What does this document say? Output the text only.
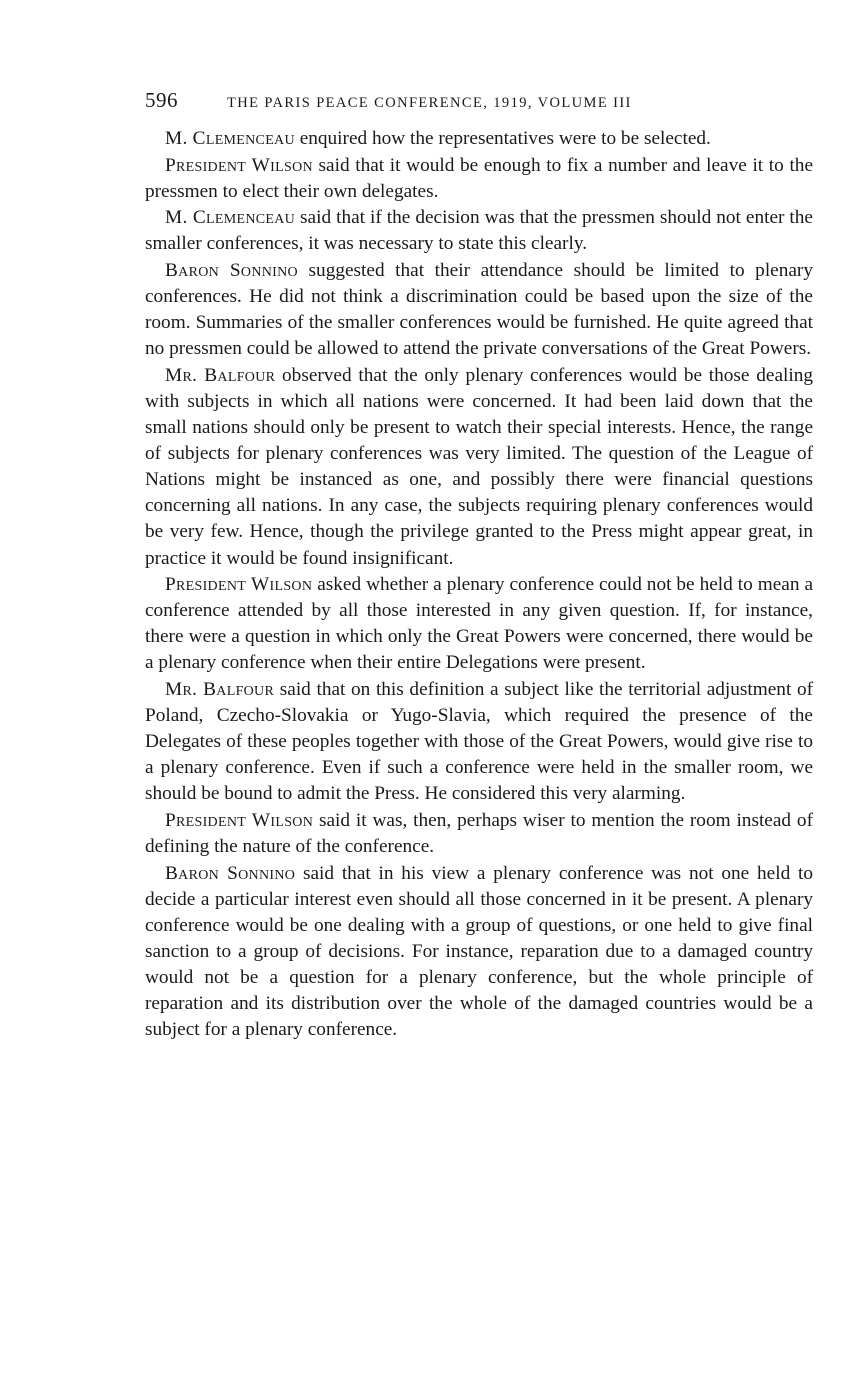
596	THE PARIS PEACE CONFERENCE, 1919, VOLUME III

M. Clemenceau enquired how the representatives were to be selected.

President Wilson said that it would be enough to fix a number and leave it to the pressmen to elect their own delegates.

M. Clemenceau said that if the decision was that the pressmen should not enter the smaller conferences, it was necessary to state this clearly.

Baron Sonnino suggested that their attendance should be limited to plenary conferences. He did not think a discrimination could be based upon the size of the room. Summaries of the smaller conferences would be furnished. He quite agreed that no pressmen could be allowed to attend the private conversations of the Great Powers.

Mr. Balfour observed that the only plenary conferences would be those dealing with subjects in which all nations were concerned. It had been laid down that the small nations should only be present to watch their special interests. Hence, the range of subjects for plenary conferences was very limited. The question of the League of Nations might be instanced as one, and possibly there were financial questions concerning all nations. In any case, the subjects requiring plenary conferences would be very few. Hence, though the privilege granted to the Press might appear great, in practice it would be found insignificant.

President Wilson asked whether a plenary conference could not be held to mean a conference attended by all those interested in any given question. If, for instance, there were a question in which only the Great Powers were concerned, there would be a plenary conference when their entire Delegations were present.

Mr. Balfour said that on this definition a subject like the territorial adjustment of Poland, Czecho-Slovakia or Yugo-Slavia, which required the presence of the Delegates of these peoples together with those of the Great Powers, would give rise to a plenary conference. Even if such a conference were held in the smaller room, we should be bound to admit the Press. He considered this very alarming.

President Wilson said it was, then, perhaps wiser to mention the room instead of defining the nature of the conference.

Baron Sonnino said that in his view a plenary conference was not one held to decide a particular interest even should all those concerned in it be present. A plenary conference would be one dealing with a group of questions, or one held to give final sanction to a group of decisions. For instance, reparation due to a damaged country would not be a question for a plenary conference, but the whole principle of reparation and its distribution over the whole of the damaged countries would be a subject for a plenary conference.
